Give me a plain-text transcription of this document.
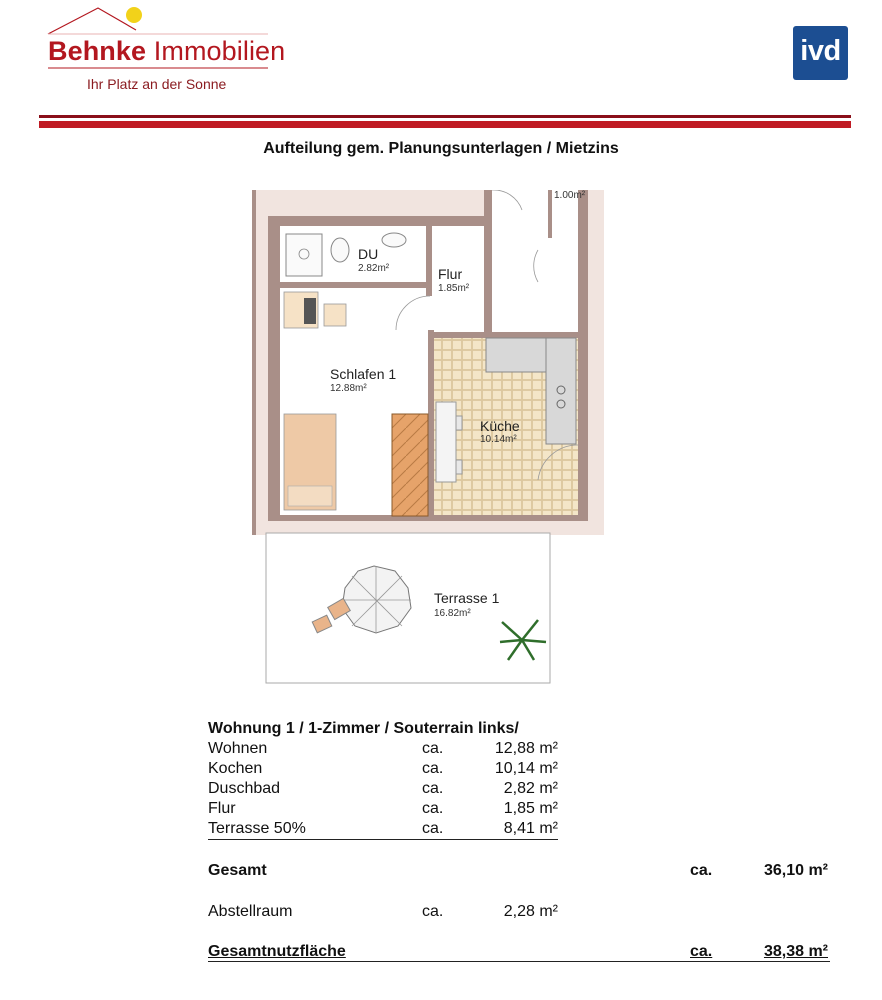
Behnke Immobilien
Ihr Platz an der Sonne
ivd
Aufteilung gem. Planungsunterlagen / Mietzins
DU
2.82m²	Flur
1.85m²
Schlafen 1
12.88m²
Küche
10.14m²
Terrasse 1
16.82m²
1.00m²
Wohnung 1 / 1-Zimmer / Souterrain links/
Wohnen	ca.	12,88 m²
Kochen	ca.	10,14 m²
Duschbad	ca.	2,82 m²
Flur	ca.	1,85 m²
Terrasse 50%	ca.	8,41 m²
Gesamt	ca.	36,10 m²
Abstellraum	ca.	2,28 m²
Gesamtnutzfläche	ca.	38,38 m²
